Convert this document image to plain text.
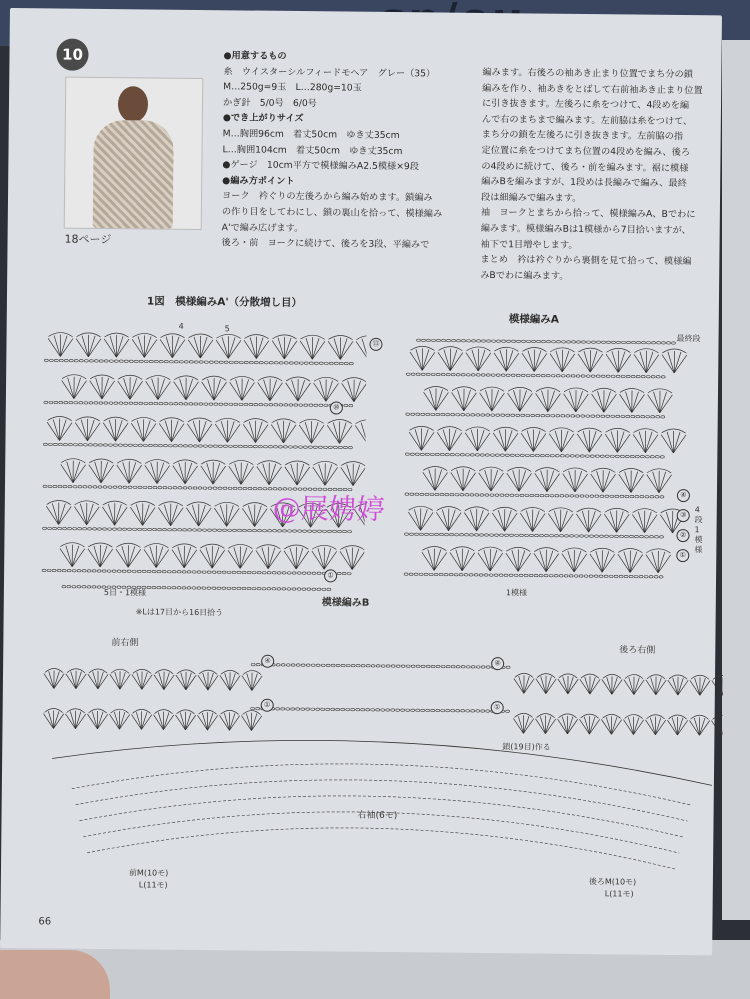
10
18ページ
●用意するもの
糸　ウイスターシルフィードモヘア　グレー（35）
M…250g=9玉　L…280g=10玉
かぎ針　5/0号　6/0号
●でき上がりサイズ
M…胸囲96cm　着丈50cm　ゆき丈35cm
L…胸囲104cm　着丈50cm　ゆき丈35cm
●ゲージ　10cm平方で模様編みA2.5模様×9段
●編み方ポイント
ヨーク　衿ぐりの左後ろから編み始めます。鎖編み
の作り目をしてわにし、鎖の裏山を拾って、模様編み
A'で編み広げます。
後ろ・前　ヨークに続けて、後ろを3段、平編みで
編みます。右後ろの袖あき止まり位置でまち分の鎖
編みを作り、袖あきをとばして右前袖あき止まり位置
に引き抜きます。左後ろに糸をつけて、4段めを編
んで右のまちまで編みます。左前脇は糸をつけて、
まち分の鎖を左後ろに引き抜きます。左前脇の指
定位置に糸をつけてまち位置の4段めを編み、後ろ
の4段めに続けて、後ろ・前を編みます。裾に模様
編みBを編みますが、1段めは長編みで編み、最終
段は細編みで編みます。
袖　ヨークとまちから拾って、模様編みA、Bでわに
編みます。模様編みBは1模様から7目拾いますが、
袖下で1目増やします。
まとめ　衿は衿ぐりから裏側を見て拾って、模様編
みBでわに編みます。
1図　模様編みA'（分散増し目）
5目・1模様
※Lは17目から16目拾う
模様編みB
4	5
⑬
⑩
①
模様編みA
最終段
1模様
4段1模様
④
③
②
①
前右側
後ろ右側
鎖(19目)作る
右袖(6モ)
前M(10モ)
L(11モ)	後ろM(10モ)
L(11モ)
④	④
①	①
@展娉婷
66
